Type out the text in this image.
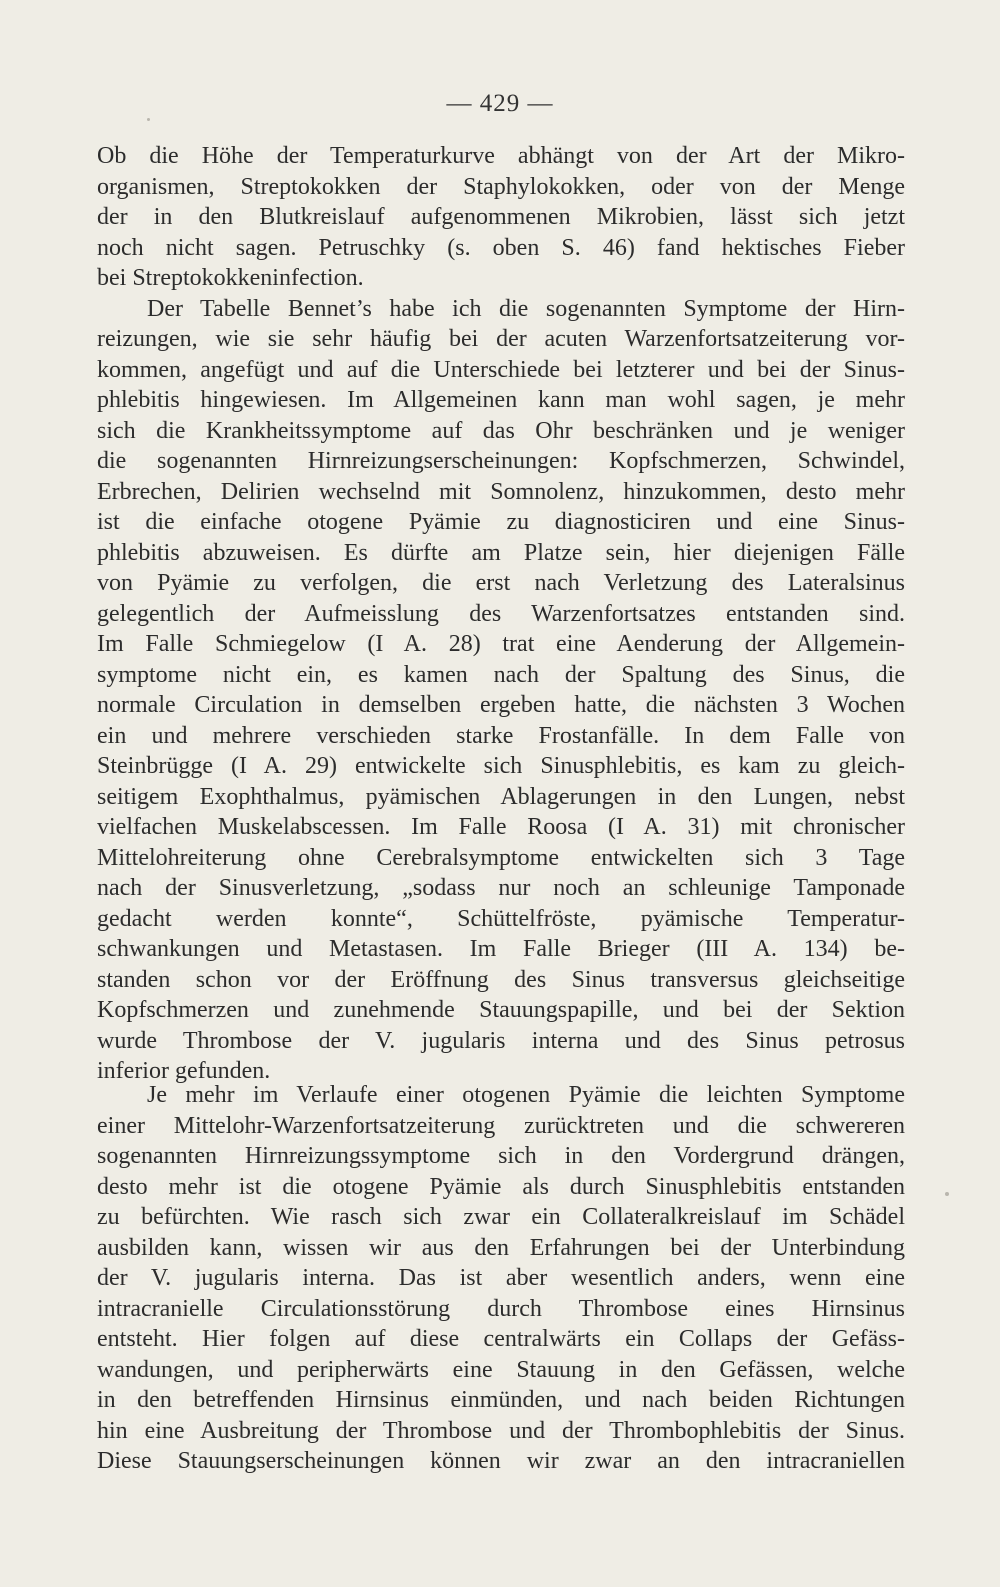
— 429 —
Ob die Höhe der Temperaturkurve abhängt von der Art der Mikro-
organismen, Streptokokken der Staphylokokken, oder von der Menge
der in den Blutkreislauf aufgenommenen Mikrobien, lässt sich jetzt
noch nicht sagen. Petruschky (s. oben S. 46) fand hektisches Fieber
bei Streptokokkeninfection.
Der Tabelle Bennet’s habe ich die sogenannten Symptome der Hirn-
reizungen, wie sie sehr häufig bei der acuten Warzenfortsatzeiterung vor-
kommen, angefügt und auf die Unterschiede bei letzterer und bei der Sinus-
phlebitis hingewiesen. Im Allgemeinen kann man wohl sagen, je mehr
sich die Krankheitssymptome auf das Ohr beschränken und je weniger
die sogenannten Hirnreizungserscheinungen: Kopfschmerzen, Schwindel,
Erbrechen, Delirien wechselnd mit Somnolenz, hinzukommen, desto mehr
ist die einfache otogene Pyämie zu diagnosticiren und eine Sinus-
phlebitis abzuweisen. Es dürfte am Platze sein, hier diejenigen Fälle
von Pyämie zu verfolgen, die erst nach Verletzung des Lateralsinus
gelegentlich der Aufmeisslung des Warzenfortsatzes entstanden sind.
Im Falle Schmiegelow (I A. 28) trat eine Aenderung der Allgemein-
symptome nicht ein, es kamen nach der Spaltung des Sinus, die
normale Circulation in demselben ergeben hatte, die nächsten 3 Wochen
ein und mehrere verschieden starke Frostanfälle. In dem Falle von
Steinbrügge (I A. 29) entwickelte sich Sinusphlebitis, es kam zu gleich-
seitigem Exophthalmus, pyämischen Ablagerungen in den Lungen, nebst
vielfachen Muskelabscessen. Im Falle Roosa (I A. 31) mit chronischer
Mittelohreiterung ohne Cerebralsymptome entwickelten sich 3 Tage
nach der Sinusverletzung, „sodass nur noch an schleunige Tamponade
gedacht werden konnte“, Schüttelfröste, pyämische Temperatur-
schwankungen und Metastasen. Im Falle Brieger (III A. 134) be-
standen schon vor der Eröffnung des Sinus transversus gleichseitige
Kopfschmerzen und zunehmende Stauungspapille, und bei der Sektion
wurde Thrombose der V. jugularis interna und des Sinus petrosus
inferior gefunden.
Je mehr im Verlaufe einer otogenen Pyämie die leichten Symptome
einer Mittelohr-Warzenfortsatzeiterung zurücktreten und die schwereren
sogenannten Hirnreizungssymptome sich in den Vordergrund drängen,
desto mehr ist die otogene Pyämie als durch Sinusphlebitis entstanden
zu befürchten. Wie rasch sich zwar ein Collateralkreislauf im Schädel
ausbilden kann, wissen wir aus den Erfahrungen bei der Unterbindung
der V. jugularis interna. Das ist aber wesentlich anders, wenn eine
intracranielle Circulationsstörung durch Thrombose eines Hirnsinus
entsteht. Hier folgen auf diese centralwärts ein Collaps der Gefäss-
wandungen, und peripherwärts eine Stauung in den Gefässen, welche
in den betreffenden Hirnsinus einmünden, und nach beiden Richtungen
hin eine Ausbreitung der Thrombose und der Thrombophlebitis der Sinus.
Diese Stauungserscheinungen können wir zwar an den intracraniellen
